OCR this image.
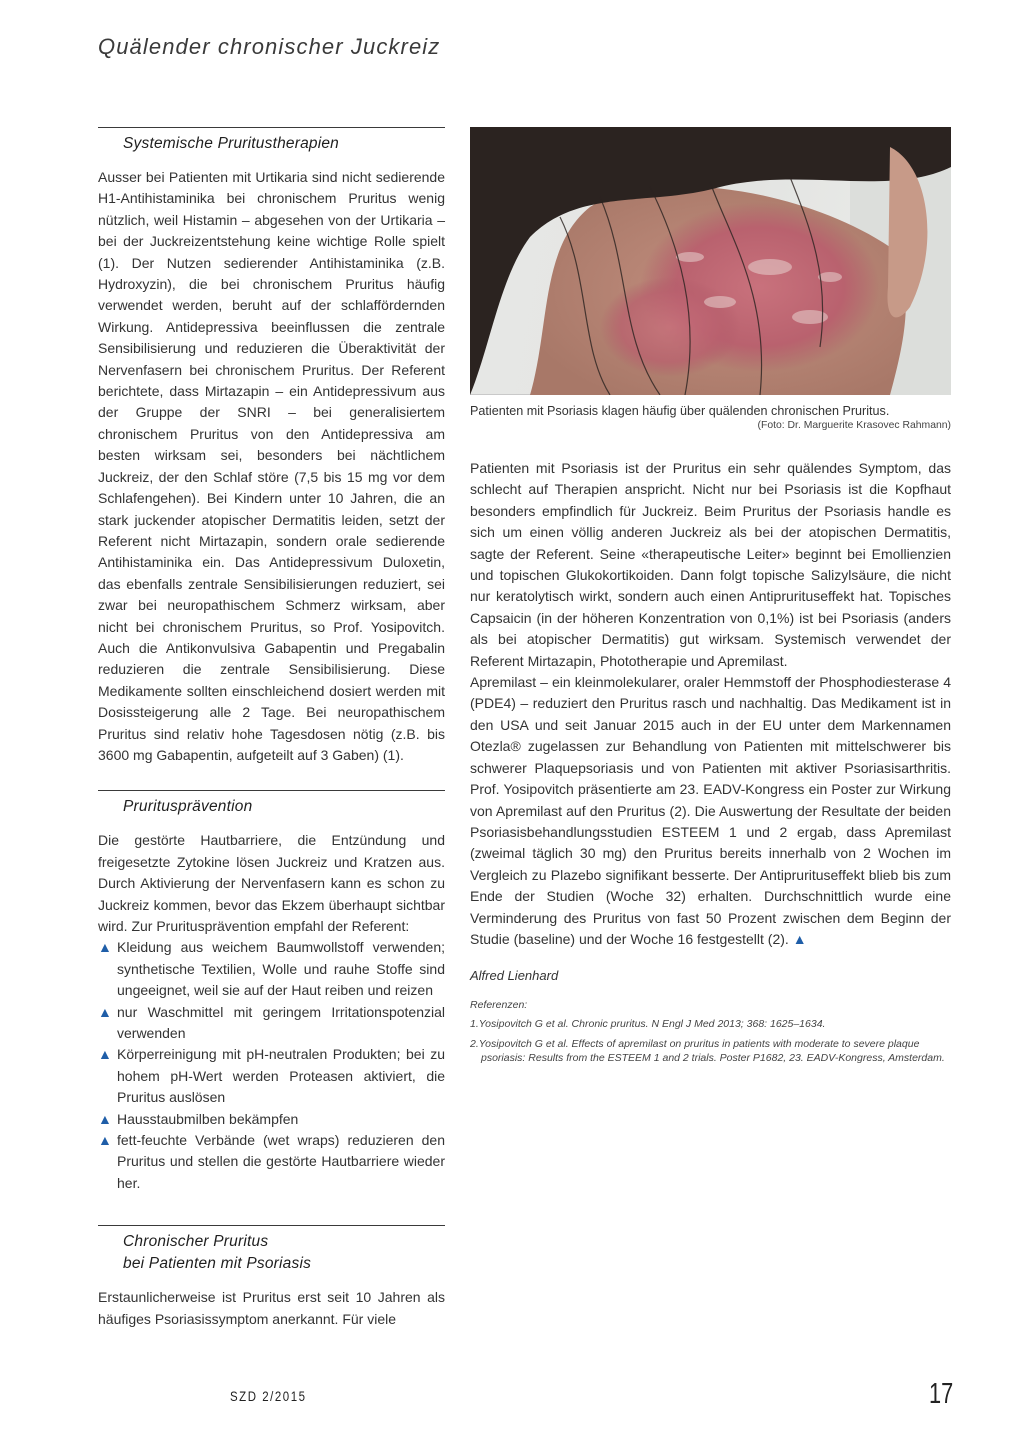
Quälender chronischer Juckreiz
Systemische Pruritustherapien

Ausser bei Patienten mit Urtikaria sind nicht sedierende H1-Antihistaminika bei chronischem Pruritus wenig nützlich, weil Histamin – abgesehen von der Urtikaria – bei der Juckreizentstehung keine wichtige Rolle spielt (1). Der Nutzen sedierender Antihistaminika (z.B. Hydroxyzin), die bei chronischem Pruritus häufig verwendet werden, beruht auf der schlaffördernden Wirkung. Antidepressiva beeinflussen die zentrale Sensibilisierung und reduzieren die Überaktivität der Nervenfasern bei chronischem Pruritus. Der Referent berichtete, dass Mirtazapin – ein Antidepressivum aus der Gruppe der SNRI – bei generalisiertem chronischem Pruritus von den Antidepressiva am besten wirksam sei, besonders bei nächtlichem Juckreiz, der den Schlaf störe (7,5 bis 15 mg vor dem Schlafengehen). Bei Kindern unter 10 Jahren, die an stark juckender atopischer Dermatitis leiden, setzt der Referent nicht Mirtazapin, sondern orale sedierende Antihistaminika ein. Das Antidepressivum Duloxetin, das ebenfalls zentrale Sensibilisierungen reduziert, sei zwar bei neuropathischem Schmerz wirksam, aber nicht bei chronischem Pruritus, so Prof. Yosipovitch. Auch die Antikonvulsiva Gabapentin und Pregabalin reduzieren die zentrale Sensibilisierung. Diese Medikamente sollten einschleichend dosiert werden mit Dosissteigerung alle 2 Tage. Bei neuropathischem Pruritus sind relativ hohe Tagesdosen nötig (z.B. bis 3600 mg Gabapentin, aufgeteilt auf 3 Gaben) (1).

Pruritusprävention

Die gestörte Hautbarriere, die Entzündung und freigesetzte Zytokine lösen Juckreiz und Kratzen aus. Durch Aktivierung der Nervenfasern kann es schon zu Juckreiz kommen, bevor das Ekzem überhaupt sichtbar wird. Zur Pruritusprävention empfahl der Referent:

▲ Kleidung aus weichem Baumwollstoff verwenden; synthetische Textilien, Wolle und rauhe Stoffe sind ungeeignet, weil sie auf der Haut reiben und reizen
▲ nur Waschmittel mit geringem Irritationspotenzial verwenden
▲ Körperreinigung mit pH-neutralen Produkten; bei zu hohem pH-Wert werden Proteasen aktiviert, die Pruritus auslösen
▲ Hausstaubmilben bekämpfen
▲ fett-feuchte Verbände (wet wraps) reduzieren den Pruritus und stellen die gestörte Hautbarriere wieder her.
Chronischer Pruritus
bei Patienten mit Psoriasis

Erstaunlicherweise ist Pruritus erst seit 10 Jahren als häufiges Psoriasissymptom anerkannt. Für viele

Patienten mit Psoriasis klagen häufig über quälenden chronischen Pruritus.
(Foto: Dr. Marguerite Krasovec Rahmann)

Patienten mit Psoriasis ist der Pruritus ein sehr quälendes Symptom, das schlecht auf Therapien anspricht. Nicht nur bei Psoriasis ist die Kopfhaut besonders empfindlich für Juckreiz. Beim Pruritus der Psoriasis handle es sich um einen völlig anderen Juckreiz als bei der atopischen Dermatitis, sagte der Referent. Seine «therapeutische Leiter» beginnt bei Emollienzien und topischen Glukokortikoiden. Dann folgt topische Salizylsäure, die nicht nur keratolytisch wirkt, sondern auch einen Antiprurituseffekt hat. Topisches Capsaicin (in der höheren Konzentration von 0,1%) ist bei Psoriasis (anders als bei atopischer Dermatitis) gut wirksam. Systemisch verwendet der Referent Mirtazapin, Phototherapie und Apremilast.

Apremilast – ein kleinmolekularer, oraler Hemmstoff der Phosphodiesterase 4 (PDE4) – reduziert den Pruritus rasch und nachhaltig. Das Medikament ist in den USA und seit Januar 2015 auch in der EU unter dem Markennamen Otezla® zugelassen zur Behandlung von Patienten mit mittelschwerer bis schwerer Plaquepsoriasis und von Patienten mit aktiver Psoriasisarthritis. Prof. Yosipovitch präsentierte am 23. EADV-Kongress ein Poster zur Wirkung von Apremilast auf den Pruritus (2). Die Auswertung der Resultate der beiden Psoriasisbehandlungsstudien ESTEEM 1 und 2 ergab, dass Apremilast (zweimal täglich 30 mg) den Pruritus bereits innerhalb von 2 Wochen im Vergleich zu Plazebo signifikant besserte. Der Antiprurituseffekt blieb bis zum Ende der Studien (Woche 32) erhalten. Durchschnittlich wurde eine Verminderung des Pruritus von fast 50 Prozent zwischen dem Beginn der Studie (baseline) und der Woche 16 festgestellt (2). ▲

Alfred Lienhard
Referenzen:
1.Yosipovitch G et al. Chronic pruritus. N Engl J Med 2013; 368: 1625–1634.
2.Yosipovitch G et al. Effects of apremilast on pruritus in patients with moderate to severe plaque psoriasis: Results from the ESTEEM 1 and 2 trials. Poster P1682, 23. EADV-Kongress, Amsterdam.
SZD 2/2015	17
